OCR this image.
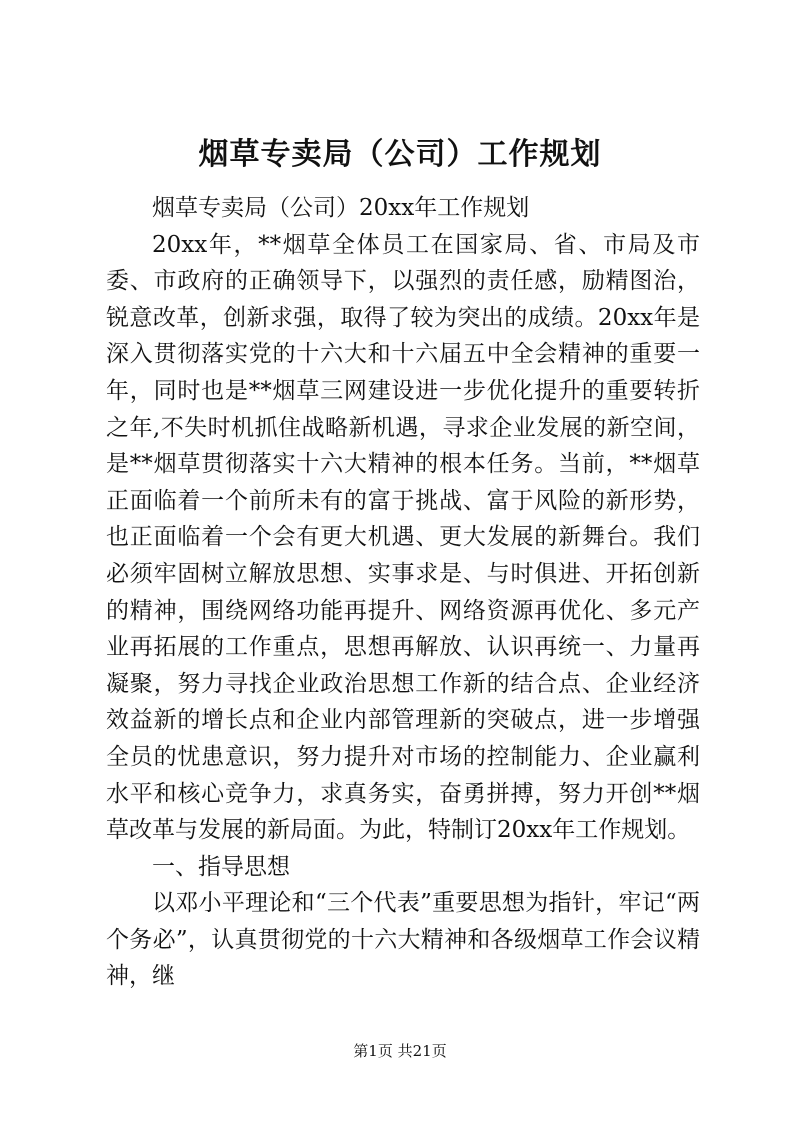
烟草专卖局（公司）工作规划

烟草专卖局（公司）20xx年工作规划

20xx年，**烟草全体员工在国家局、省、市局及市委、市政府的正确领导下，以强烈的责任感，励精图治，锐意改革，创新求强，取得了较为突出的成绩。20xx年是深入贯彻落实党的十六大和十六届五中全会精神的重要一年，同时也是**烟草三网建设进一步优化提升的重要转折之年,不失时机抓住战略新机遇，寻求企业发展的新空间，是**烟草贯彻落实十六大精神的根本任务。当前，**烟草正面临着一个前所未有的富于挑战、富于风险的新形势，也正面临着一个会有更大机遇、更大发展的新舞台。我们必须牢固树立解放思想、实事求是、与时俱进、开拓创新的精神，围绕网络功能再提升、网络资源再优化、多元产业再拓展的工作重点，思想再解放、认识再统一、力量再凝聚，努力寻找企业政治思想工作新的结合点、企业经济效益新的增长点和企业内部管理新的突破点，进一步增强全员的忧患意识，努力提升对市场的控制能力、企业赢利水平和核心竞争力，求真务实，奋勇拼搏，努力开创**烟草改革与发展的新局面。为此，特制订20xx年工作规划。

一、指导思想

以邓小平理论和“三个代表”重要思想为指针，牢记“两个务必”，认真贯彻党的十六大精神和各级烟草工作会议精神，继

第1页 共21页
